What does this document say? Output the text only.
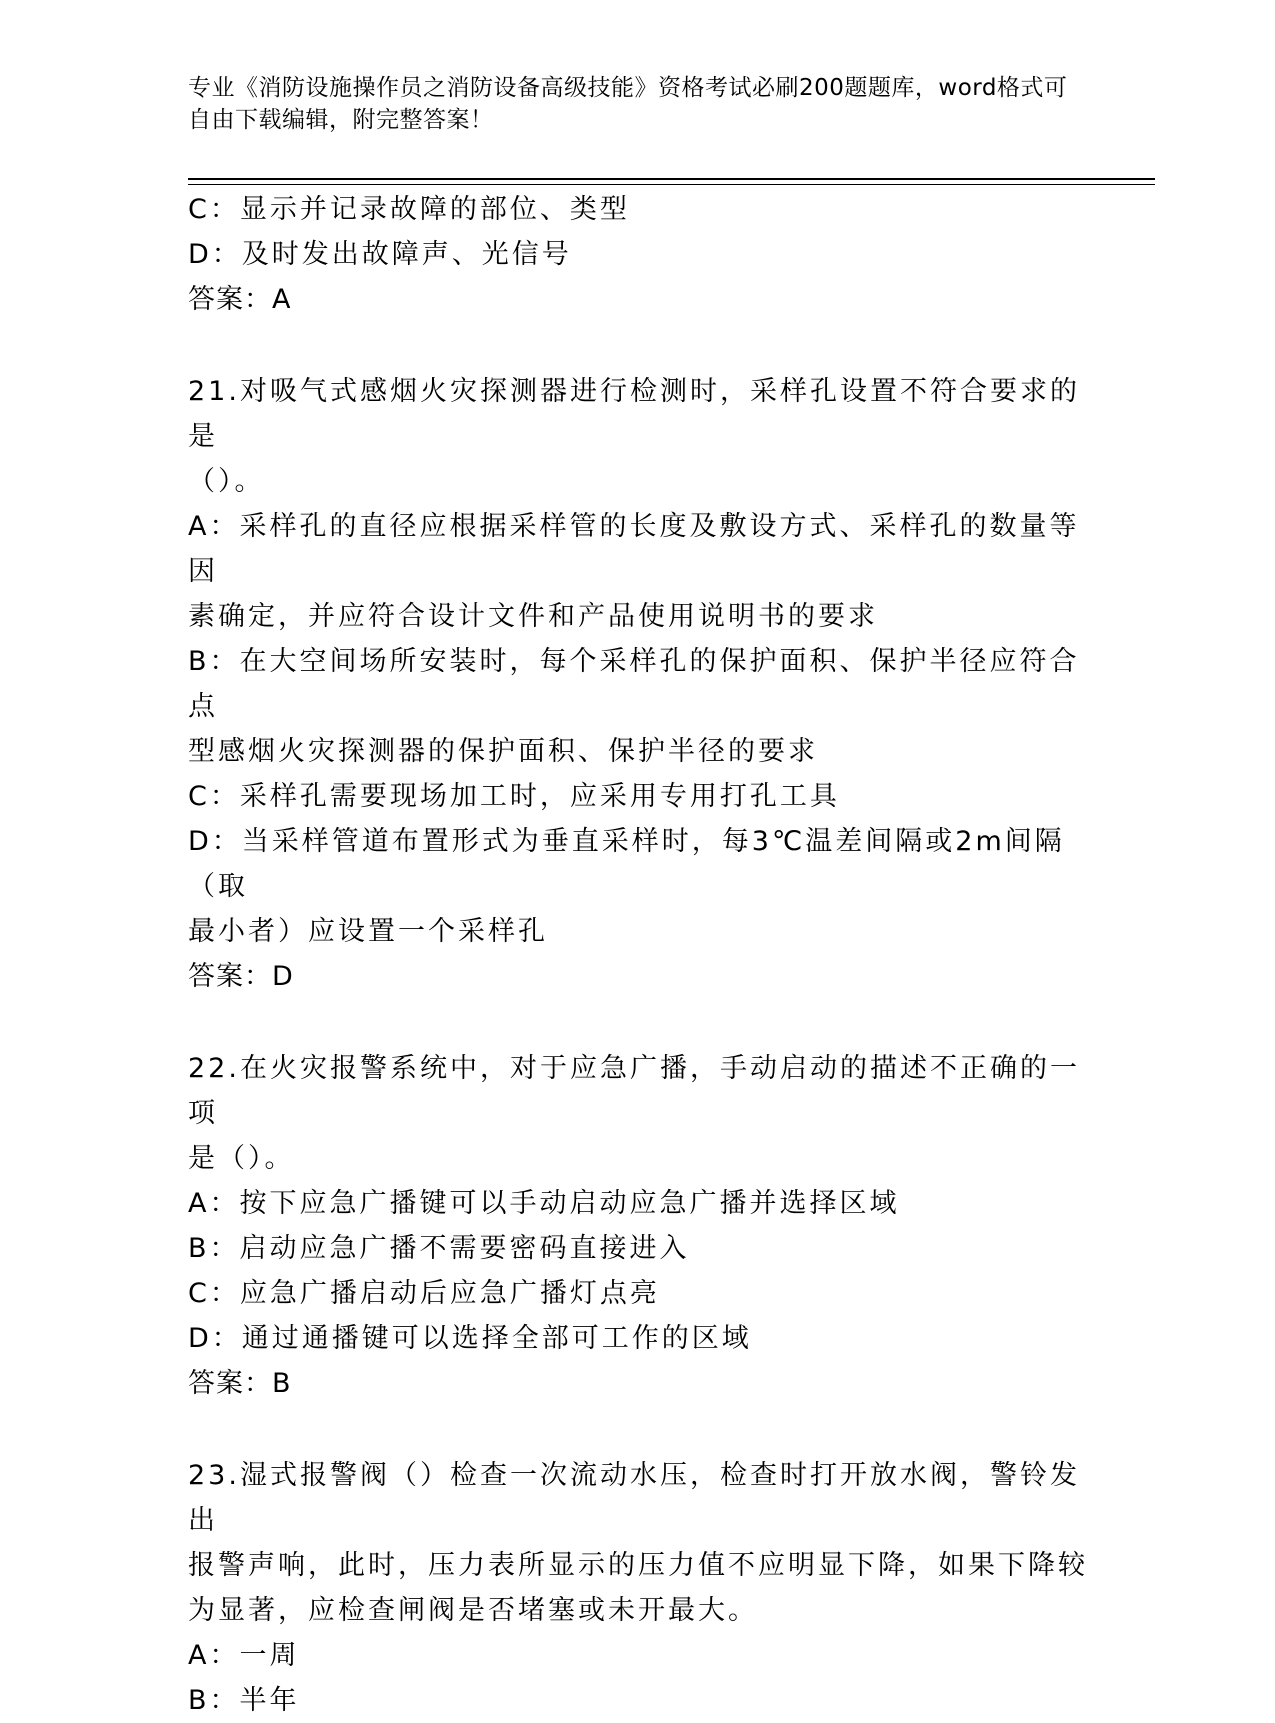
专业《消防设施操作员之消防设备高级技能》资格考试必刷200题题库，word格式可自由下载编辑，附完整答案！

C：显示并记录故障的部位、类型

D：及时发出故障声、光信号

答案：A

21.对吸气式感烟火灾探测器进行检测时，采样孔设置不符合要求的是

（）。

A：采样孔的直径应根据采样管的长度及敷设方式、采样孔的数量等因

素确定，并应符合设计文件和产品使用说明书的要求

B：在大空间场所安装时，每个采样孔的保护面积、保护半径应符合点

型感烟火灾探测器的保护面积、保护半径的要求

C：采样孔需要现场加工时，应采用专用打孔工具

D：当采样管道布置形式为垂直采样时，每3℃温差间隔或2m间隔（取

最小者）应设置一个采样孔

答案：D

22.在火灾报警系统中，对于应急广播，手动启动的描述不正确的一项

是（）。

A：按下应急广播键可以手动启动应急广播并选择区域

B：启动应急广播不需要密码直接进入

C：应急广播启动后应急广播灯点亮

D：通过通播键可以选择全部可工作的区域

答案：B

23.湿式报警阀（）检查一次流动水压，检查时打开放水阀，警铃发出

报警声响，此时，压力表所显示的压力值不应明显下降，如果下降较

为显著，应检查闸阀是否堵塞或未开最大。

A：一周

B：半年
